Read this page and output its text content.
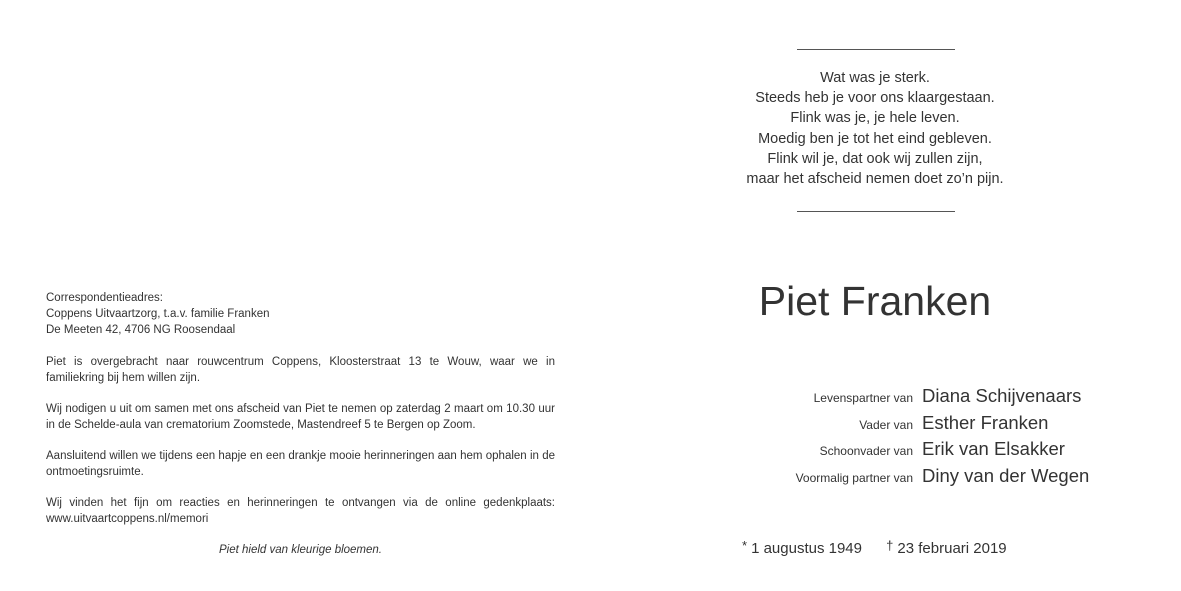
Correspondentieadres:
Coppens Uitvaartzorg, t.a.v. familie Franken
De Meeten 42, 4706 NG Roosendaal

Piet is overgebracht naar rouwcentrum Coppens, Kloosterstraat 13 te Wouw, waar we in familiekring bij hem willen zijn.

Wij nodigen u uit om samen met ons afscheid van Piet te nemen op zaterdag 2 maart om 10.30 uur in de Schelde-aula van crematorium Zoomstede, Mastendreef 5 te Bergen op Zoom.

Aansluitend willen we tijdens een hapje en een drankje mooie herinneringen aan hem ophalen in de ontmoetingsruimte.

Wij vinden het fijn om reacties en herinneringen te ontvangen via de online gedenkplaats: www.uitvaartcoppens.nl/memori

Piet hield van kleurige bloemen.
Wat was je sterk.
Steeds heb je voor ons klaargestaan.
Flink was je, je hele leven.
Moedig ben je tot het eind gebleven.
Flink wil je, dat ook wij zullen zijn,
maar het afscheid nemen doet zo’n pijn.
Piet Franken
Levenspartner van Diana Schijvenaars
Vader van Esther Franken
Schoonvader van Erik van Elsakker
Voormalig partner van Diny van der Wegen
* 1 augustus 1949 † 23 februari 2019
